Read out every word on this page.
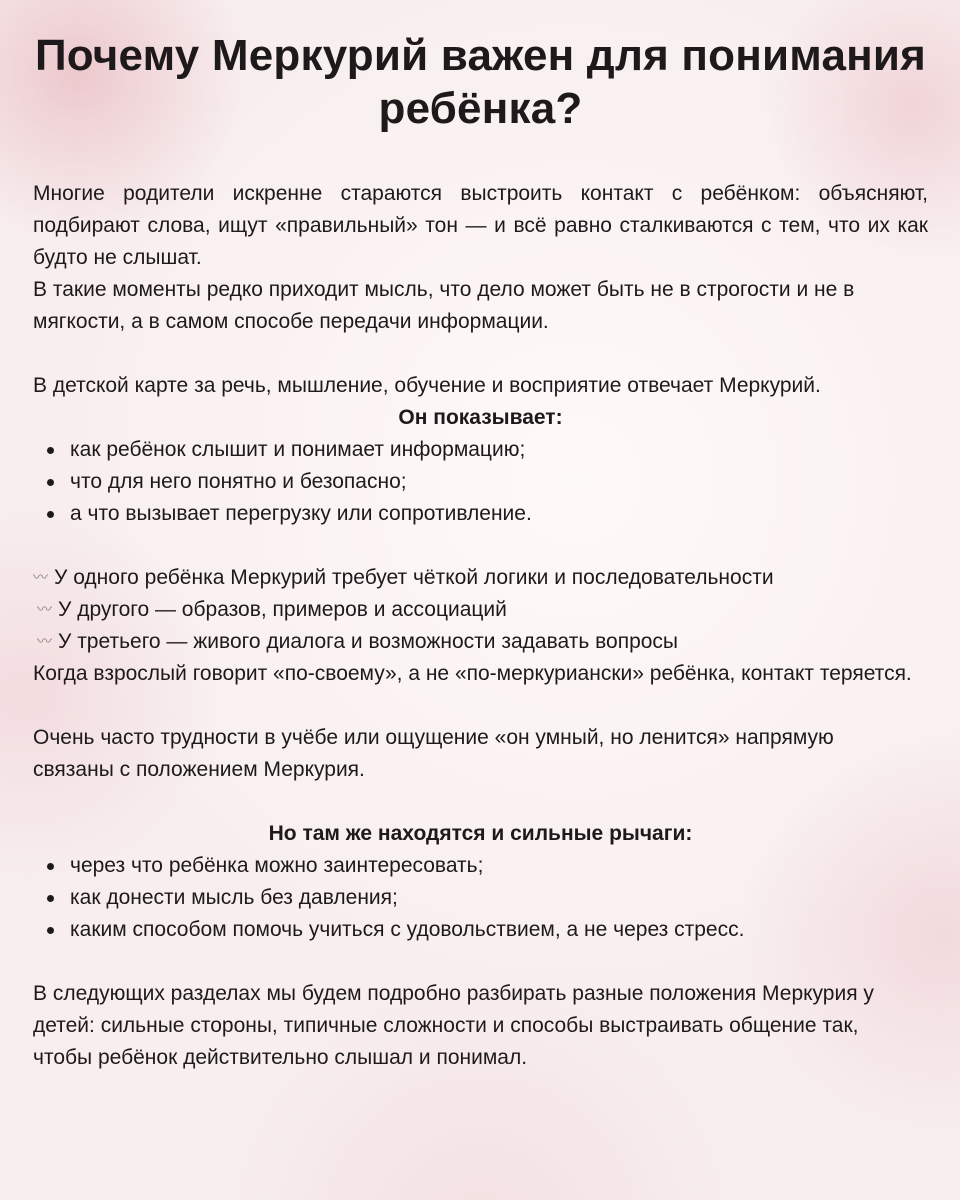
Почему Меркурий важен для понимания ребёнка?

Многие родители искренне стараются выстроить контакт с ребёнком: объясняют, подбирают слова, ищут «правильный» тон — и всё равно сталкиваются с тем, что их как будто не слышат.

В такие моменты редко приходит мысль, что дело может быть не в строгости и не в мягкости, а в самом способе передачи информации.

В детской карте за речь, мышление, обучение и восприятие отвечает Меркурий.

Он показывает:

как ребёнок слышит и понимает информацию;
что для него понятно и безопасно;
а что вызывает перегрузку или сопротивление.
〰 У одного ребёнка Меркурий требует чёткой логики и последовательности
〰 У другого — образов, примеров и ассоциаций
〰 У третьего — живого диалога и возможности задавать вопросы

Когда взрослый говорит «по-своему», а не «по-меркуриански» ребёнка, контакт теряется.

Очень часто трудности в учёбе или ощущение «он умный, но ленится» напрямую связаны с положением Меркурия.

Но там же находятся и сильные рычаги:

через что ребёнка можно заинтересовать;
как донести мысль без давления;
каким способом помочь учиться с удовольствием, а не через стресс.

В следующих разделах мы будем подробно разбирать разные положения Меркурия у детей: сильные стороны, типичные сложности и способы выстраивать общение так, чтобы ребёнок действительно слышал и понимал.
